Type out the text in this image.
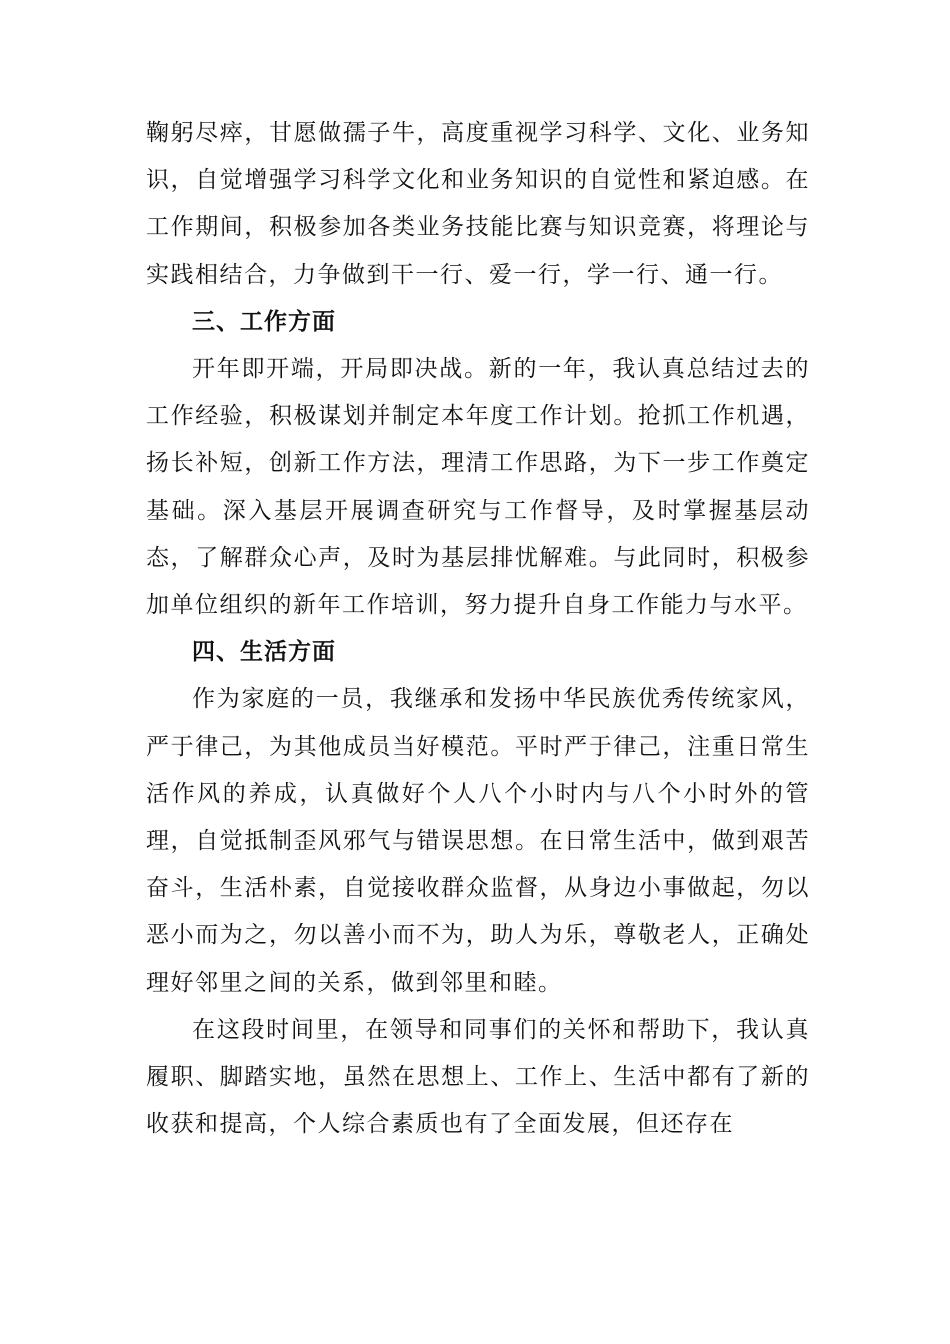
鞠躬尽瘁，甘愿做孺子牛，高度重视学习科学、文化、业务知识，自觉增强学习科学文化和业务知识的自觉性和紧迫感。在工作期间，积极参加各类业务技能比赛与知识竞赛，将理论与实践相结合，力争做到干一行、爱一行，学一行、通一行。

三、工作方面

开年即开端，开局即决战。新的一年，我认真总结过去的工作经验，积极谋划并制定本年度工作计划。抢抓工作机遇，扬长补短，创新工作方法，理清工作思路，为下一步工作奠定基础。深入基层开展调查研究与工作督导，及时掌握基层动态，了解群众心声，及时为基层排忧解难。与此同时，积极参加单位组织的新年工作培训，努力提升自身工作能力与水平。

四、生活方面

作为家庭的一员，我继承和发扬中华民族优秀传统家风，严于律己，为其他成员当好模范。平时严于律己，注重日常生活作风的养成，认真做好个人八个小时内与八个小时外的管理，自觉抵制歪风邪气与错误思想。在日常生活中，做到艰苦奋斗，生活朴素，自觉接收群众监督，从身边小事做起，勿以恶小而为之，勿以善小而不为，助人为乐，尊敬老人，正确处理好邻里之间的关系，做到邻里和睦。

在这段时间里，在领导和同事们的关怀和帮助下，我认真履职、脚踏实地，虽然在思想上、工作上、生活中都有了新的收获和提高，个人综合素质也有了全面发展，但还存在
